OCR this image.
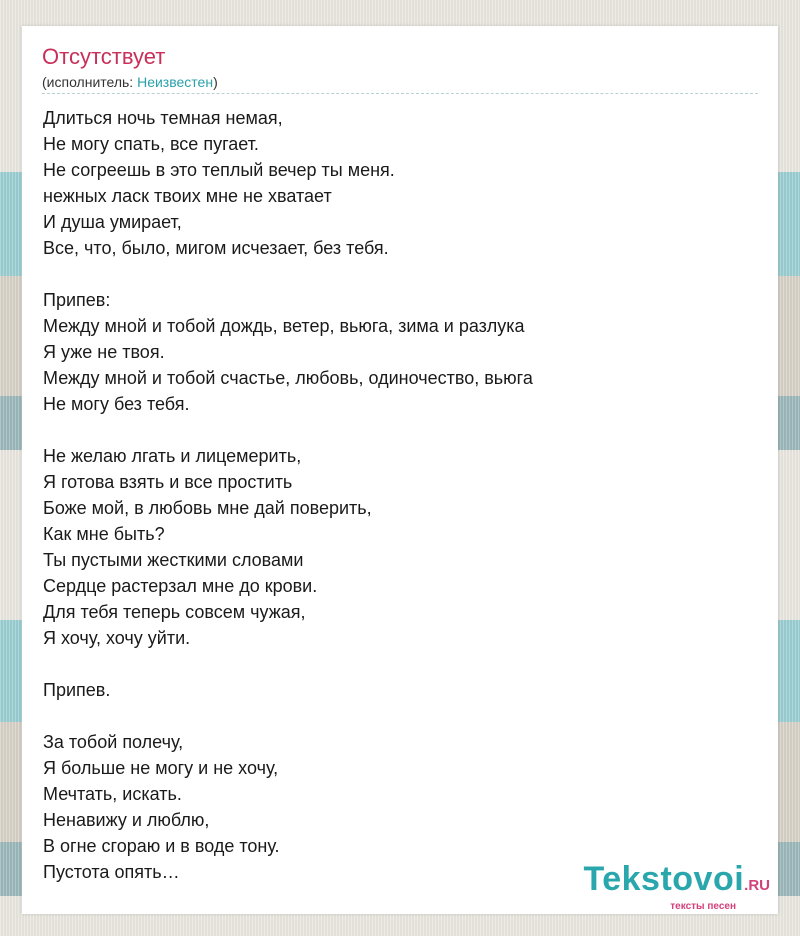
Отсутствует
(исполнитель: Неизвестен)
Длиться ночь темная немая,
Не могу спать, все пугает.
Не согреешь в это теплый вечер ты меня.
нежных ласк твоих мне не хватает
И душа умирает,
Все, что, было, мигом исчезает, без тебя.
Припев:
Между мной и тобой дождь, ветер, вьюга, зима и разлука
Я уже не твоя.
Между мной и тобой счастье, любовь, одиночество, вьюга
Не могу без тебя.
Не желаю лгать и лицемерить,
Я готова взять и все простить
Боже мой, в любовь мне дай поверить,
Как мне быть?
Ты пустыми жесткими словами
Сердце растерзал мне до крови.
Для тебя теперь совсем чужая,
Я хочу, хочу уйти.
Припев.
За тобой полечу,
Я больше не могу и не хочу,
Мечтать, искать.
Ненавижу и люблю,
В огне сгораю и в воде тону.
Пустота опять…	Tekstovoi.RU
тексты песен
